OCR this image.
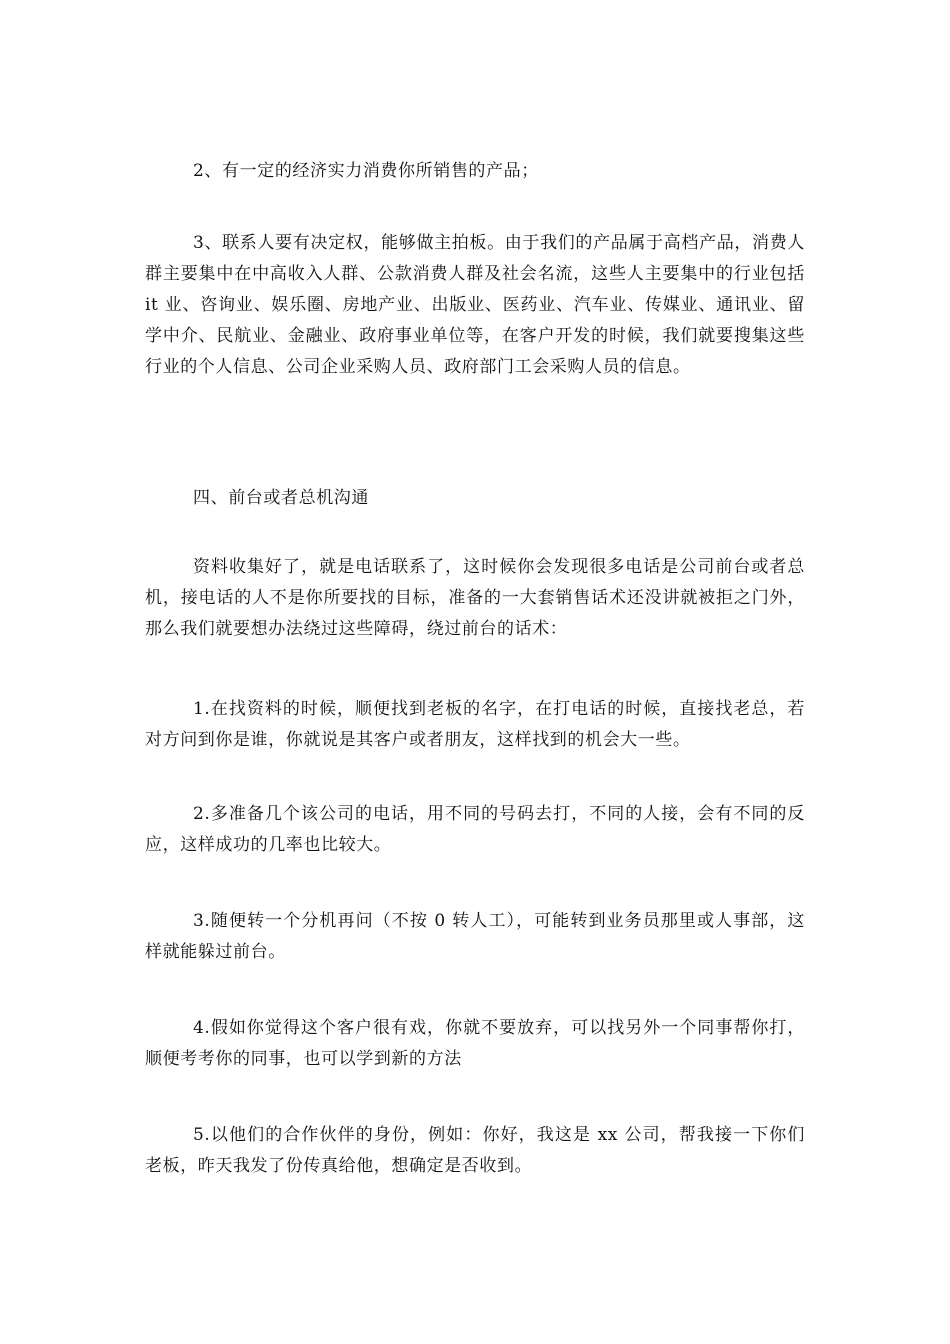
2、有一定的经济实力消费你所销售的产品；

3、联系人要有决定权，能够做主拍板。由于我们的产品属于高档产品，消费人群主要集中在中高收入人群、公款消费人群及社会名流，这些人主要集中的行业包括 it 业、咨询业、娱乐圈、房地产业、出版业、医药业、汽车业、传媒业、通讯业、留学中介、民航业、金融业、政府事业单位等，在客户开发的时候，我们就要搜集这些行业的个人信息、公司企业采购人员、政府部门工会采购人员的信息。

四、前台或者总机沟通

资料收集好了，就是电话联系了，这时候你会发现很多电话是公司前台或者总机，接电话的人不是你所要找的目标，准备的一大套销售话术还没讲就被拒之门外，那么我们就要想办法绕过这些障碍，绕过前台的话术：

1.在找资料的时候，顺便找到老板的名字，在打电话的时候，直接找老总，若对方问到你是谁，你就说是其客户或者朋友，这样找到的机会大一些。

2.多准备几个该公司的电话，用不同的号码去打，不同的人接，会有不同的反应，这样成功的几率也比较大。

3.随便转一个分机再问（不按 0 转人工），可能转到业务员那里或人事部，这样就能躲过前台。

4.假如你觉得这个客户很有戏，你就不要放弃，可以找另外一个同事帮你打，顺便考考你的同事，也可以学到新的方法

5.以他们的合作伙伴的身份，例如：你好，我这是 xx 公司，帮我接一下你们老板，昨天我发了份传真给他，想确定是否收到。
